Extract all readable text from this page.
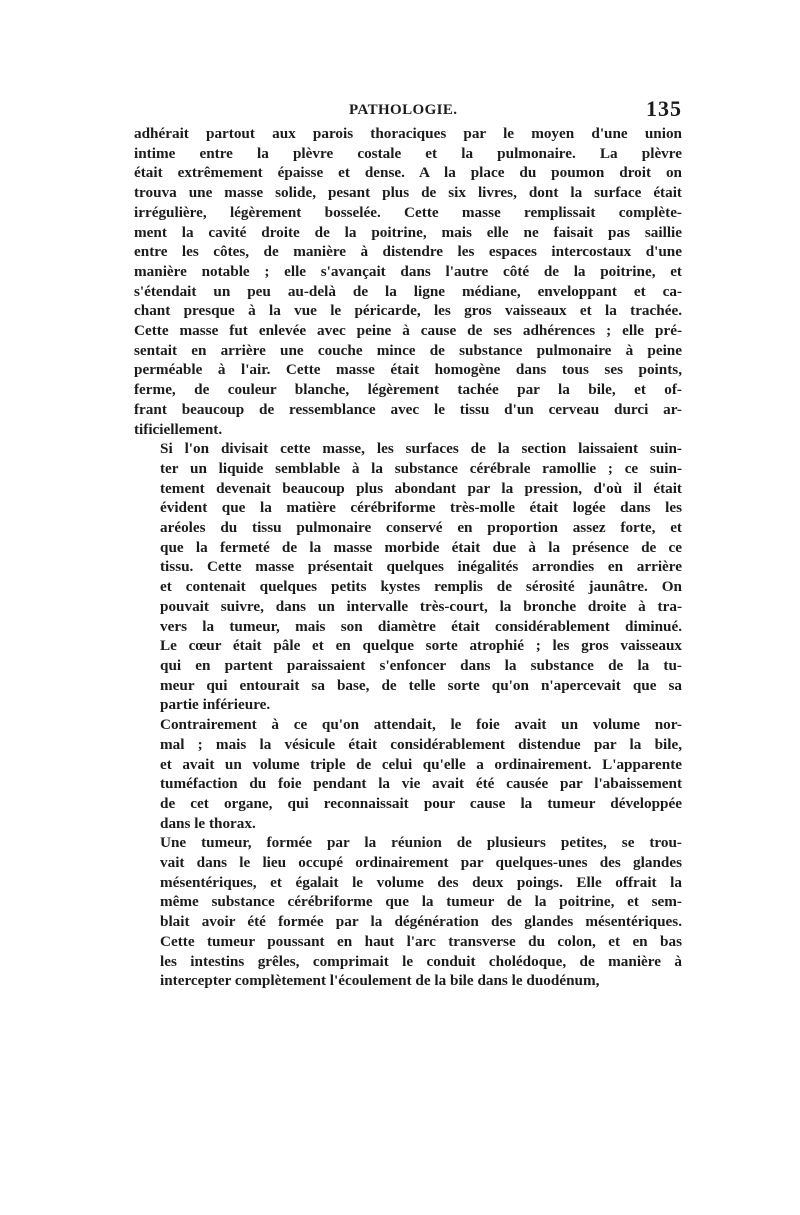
PATHOLOGIE.	135

adhérait partout aux parois thoraciques par le moyen d'une union
intime entre la plèvre costale et la pulmonaire. La plèvre
était extrêmement épaisse et dense. A la place du poumon droit on
trouva une masse solide, pesant plus de six livres, dont la surface était
irrégulière, légèrement bosselée. Cette masse remplissait complète-
ment la cavité droite de la poitrine, mais elle ne faisait pas saillie
entre les côtes, de manière à distendre les espaces intercostaux d'une
manière notable ; elle s'avançait dans l'autre côté de la poitrine, et
s'étendait un peu au-delà de la ligne médiane, enveloppant et ca-
chant presque à la vue le péricarde, les gros vaisseaux et la trachée.
Cette masse fut enlevée avec peine à cause de ses adhérences ; elle pré-
sentait en arrière une couche mince de substance pulmonaire à peine
perméable à l'air. Cette masse était homogène dans tous ses points,
ferme, de couleur blanche, légèrement tachée par la bile, et of-
frant beaucoup de ressemblance avec le tissu d'un cerveau durci ar-
tificiellement.

Si l'on divisait cette masse, les surfaces de la section laissaient suin-
ter un liquide semblable à la substance cérébrale ramollie ; ce suin-
tement devenait beaucoup plus abondant par la pression, d'où il était
évident que la matière cérébriforme très-molle était logée dans les
aréoles du tissu pulmonaire conservé en proportion assez forte, et
que la fermeté de la masse morbide était due à la présence de ce
tissu. Cette masse présentait quelques inégalités arrondies en arrière
et contenait quelques petits kystes remplis de sérosité jaunâtre. On
pouvait suivre, dans un intervalle très-court, la bronche droite à tra-
vers la tumeur, mais son diamètre était considérablement diminué.
Le cœur était pâle et en quelque sorte atrophié ; les gros vaisseaux
qui en partent paraissaient s'enfoncer dans la substance de la tu-
meur qui entourait sa base, de telle sorte qu'on n'apercevait que sa
partie inférieure.

Contrairement à ce qu'on attendait, le foie avait un volume nor-
mal ; mais la vésicule était considérablement distendue par la bile,
et avait un volume triple de celui qu'elle a ordinairement. L'apparente
tuméfaction du foie pendant la vie avait été causée par l'abaissement
de cet organe, qui reconnaissait pour cause la tumeur développée
dans le thorax.

Une tumeur, formée par la réunion de plusieurs petites, se trou-
vait dans le lieu occupé ordinairement par quelques-unes des glandes
mésentériques, et égalait le volume des deux poings. Elle offrait la
même substance cérébriforme que la tumeur de la poitrine, et sem-
blait avoir été formée par la dégénération des glandes mésentériques.
Cette tumeur poussant en haut l'arc transverse du colon, et en bas
les intestins grêles, comprimait le conduit cholédoque, de manière à
intercepter complètement l'écoulement de la bile dans le duodénum,
